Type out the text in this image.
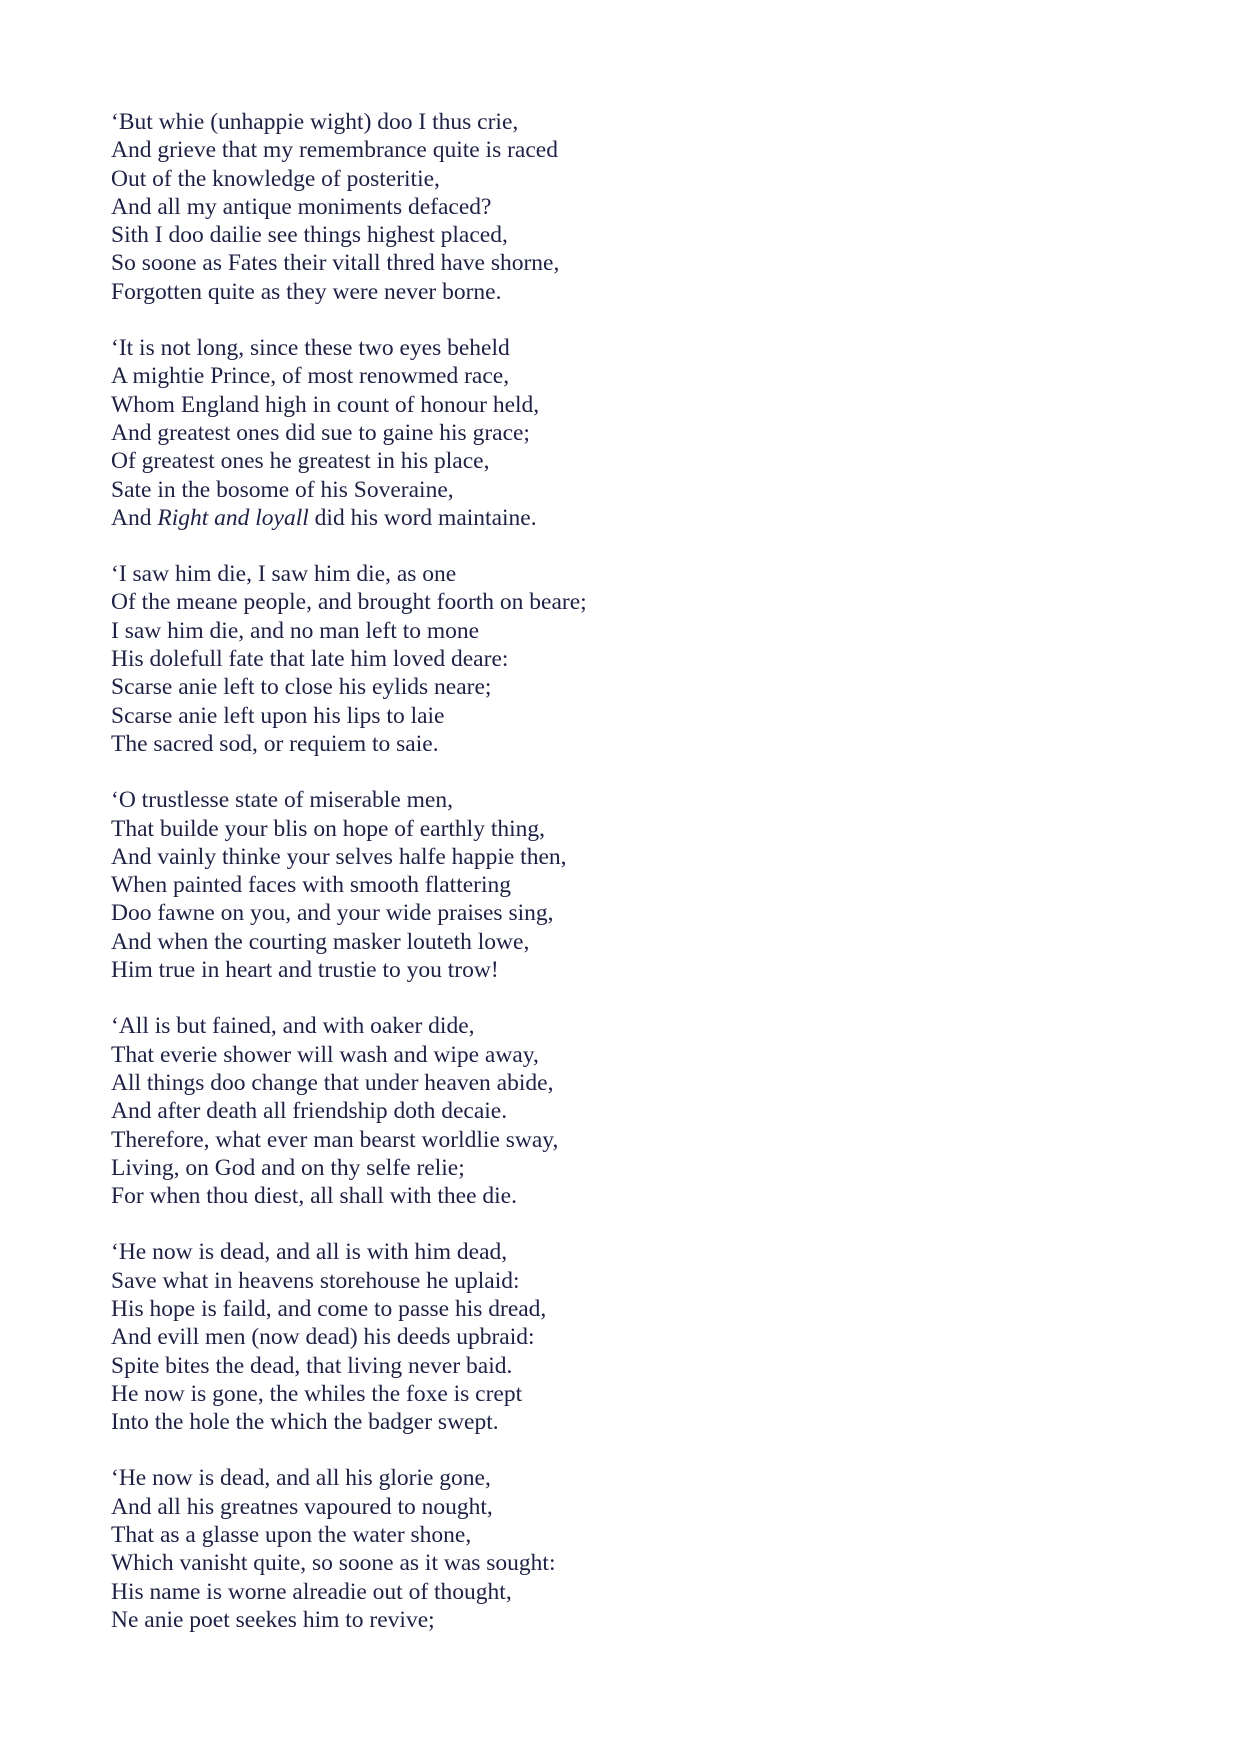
‘But whie (unhappie wight) doo I thus crie,
And grieve that my remembrance quite is raced
Out of the knowledge of posteritie,
And all my antique moniments defaced?
Sith I doo dailie see things highest placed,
So soone as Fates their vitall thred have shorne,
Forgotten quite as they were never borne.
‘It is not long, since these two eyes beheld
A mightie Prince, of most renowmed race,
Whom England high in count of honour held,
And greatest ones did sue to gaine his grace;
Of greatest ones he greatest in his place,
Sate in the bosome of his Soveraine,
And Right and loyall did his word maintaine.
‘I saw him die, I saw him die, as one
Of the meane people, and brought foorth on beare;
I saw him die, and no man left to mone
His dolefull fate that late him loved deare:
Scarse anie left to close his eylids neare;
Scarse anie left upon his lips to laie
The sacred sod, or requiem to saie.
‘O trustlesse state of miserable men,
That builde your blis on hope of earthly thing,
And vainly thinke your selves halfe happie then,
When painted faces with smooth flattering
Doo fawne on you, and your wide praises sing,
And when the courting masker louteth lowe,
Him true in heart and trustie to you trow!
‘All is but fained, and with oaker dide,
That everie shower will wash and wipe away,
All things doo change that under heaven abide,
And after death all friendship doth decaie.
Therefore, what ever man bearst worldlie sway,
Living, on God and on thy selfe relie;
For when thou diest, all shall with thee die.
‘He now is dead, and all is with him dead,
Save what in heavens storehouse he uplaid:
His hope is faild, and come to passe his dread,
And evill men (now dead) his deeds upbraid:
Spite bites the dead, that living never baid.
He now is gone, the whiles the foxe is crept
Into the hole the which the badger swept.
‘He now is dead, and all his glorie gone,
And all his greatnes vapoured to nought,
That as a glasse upon the water shone,
Which vanisht quite, so soone as it was sought:
His name is worne alreadie out of thought,
Ne anie poet seekes him to revive;
